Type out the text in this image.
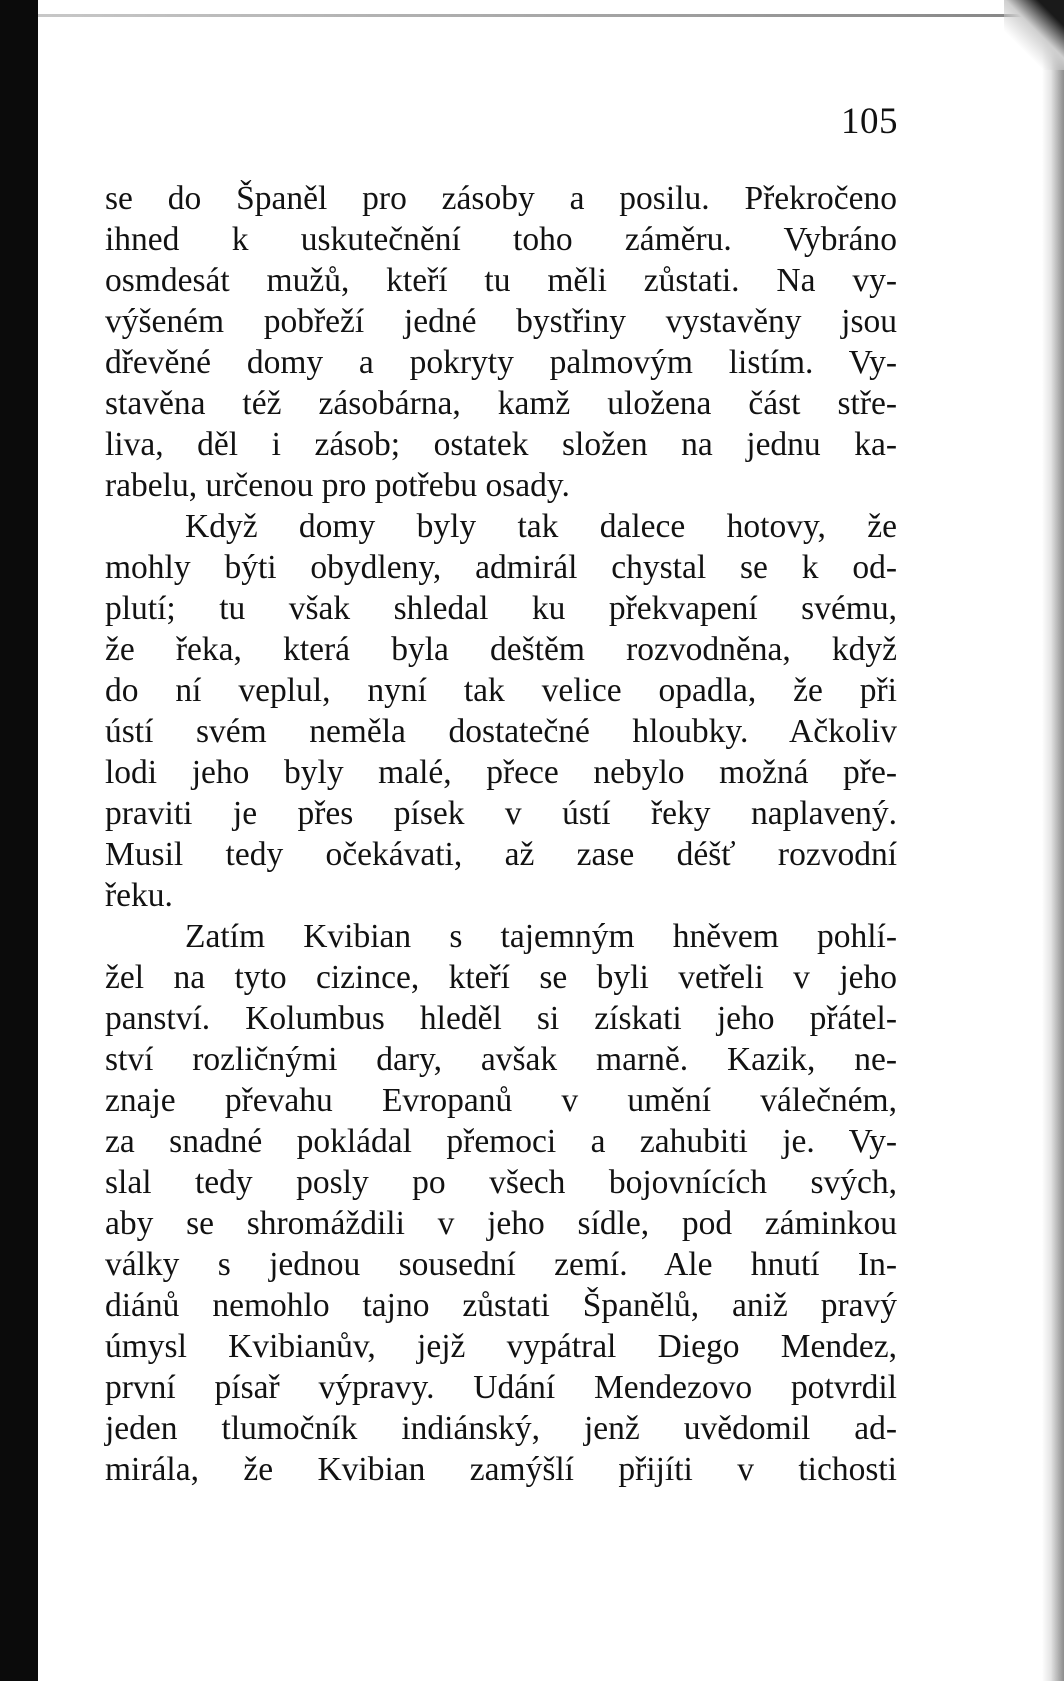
105
se do Španěl pro zásoby a posilu. Překročeno
ihned k uskutečnění toho záměru. Vybráno
osmdesát mužů, kteří tu měli zůstati. Na vy-
výšeném pobřeží jedné bystřiny vystavěny jsou
dřevěné domy a pokryty palmovým listím. Vy-
stavěna též zásobárna, kamž uložena část stře-
liva, děl i zásob; ostatek složen na jednu ka-
rabelu, určenou pro potřebu osady.
Když domy byly tak dalece hotovy, že
mohly býti obydleny, admirál chystal se k od-
plutí; tu však shledal ku překvapení svému,
že řeka, která byla deštěm rozvodněna, když
do ní veplul, nyní tak velice opadla, že při
ústí svém neměla dostatečné hloubky. Ačkoliv
lodi jeho byly malé, přece nebylo možná pře-
praviti je přes písek v ústí řeky naplavený.
Musil tedy očekávati, až zase déšť rozvodní
řeku.
Zatím Kvibian s tajemným hněvem pohlí-
žel na tyto cizince, kteří se byli vetřeli v jeho
panství. Kolumbus hleděl si získati jeho přátel-
ství rozličnými dary, avšak marně. Kazik, ne-
znaje převahu Evropanů v umění válečném,
za snadné pokládal přemoci a zahubiti je. Vy-
slal tedy posly po všech bojovnících svých,
aby se shromáždili v jeho sídle, pod záminkou
války s jednou sousední zemí. Ale hnutí In-
diánů nemohlo tajno zůstati Španělů, aniž pravý
úmysl Kvibianův, jejž vypátral Diego Mendez,
první písař výpravy. Udání Mendezovo potvrdil
jeden tlumočník indiánský, jenž uvědomil ad-
mirála, že Kvibian zamýšlí přijíti v tichosti
